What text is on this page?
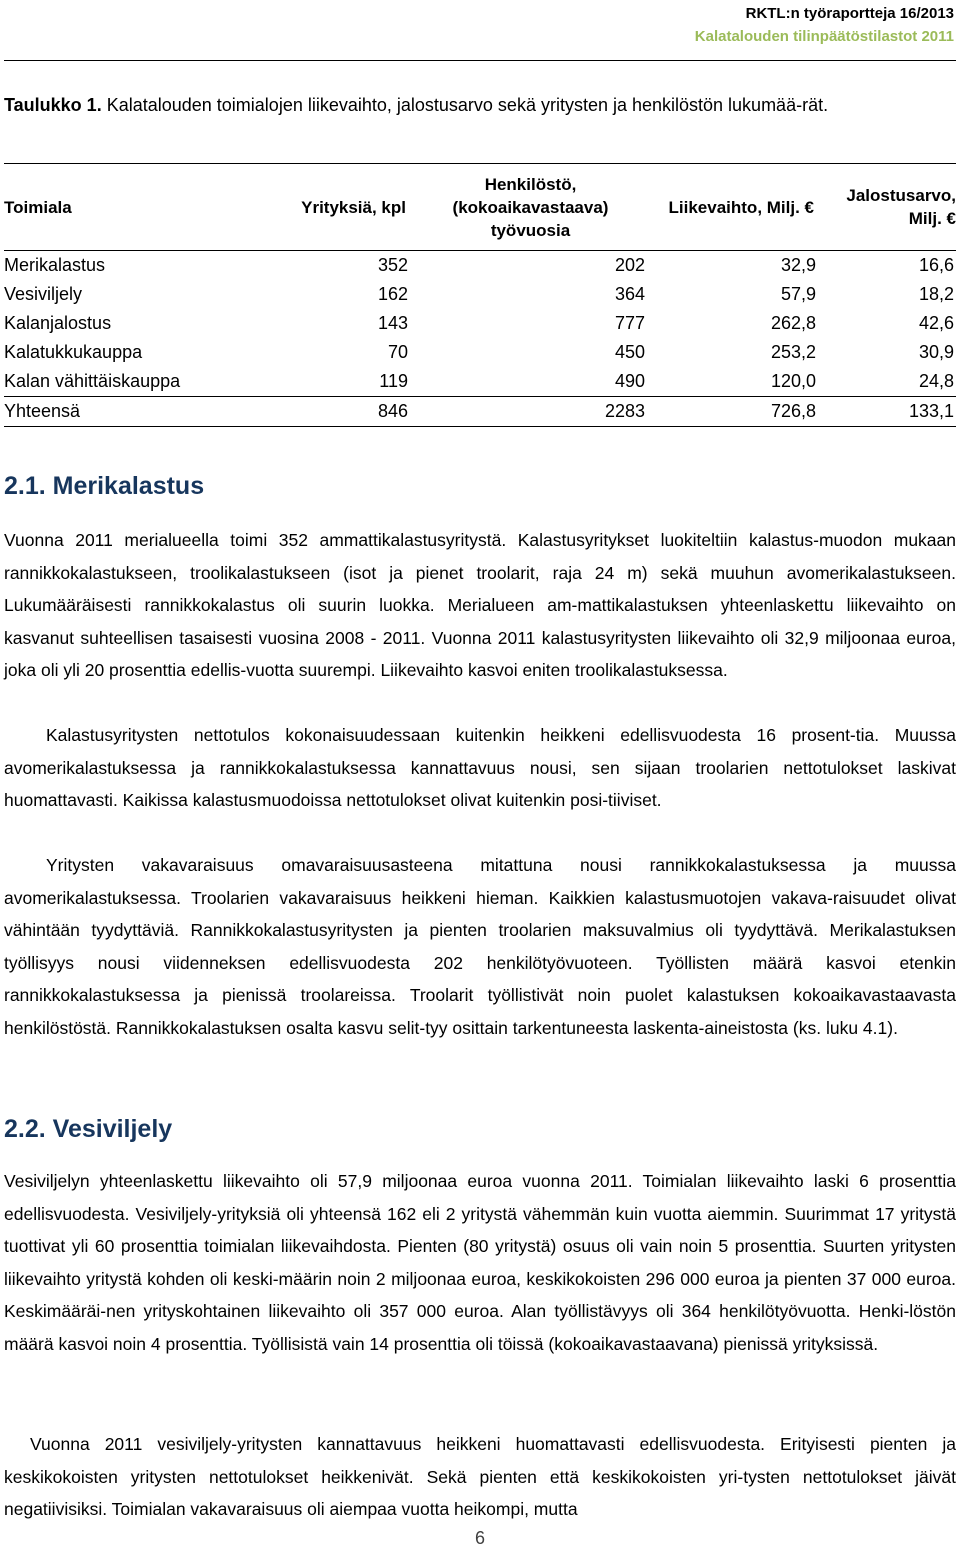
RKTL:n työraportteja 16/2013
Kalatalouden tilinpäätöstilastot 2011
Taulukko 1. Kalatalouden toimialojen liikevaihto, jalostusarvo sekä yritysten ja henkilöstön lukumää-rät.
Toimiala	Yrityksiä, kpl	Henkilöstö, (kokoaikavastaava) työvuosia	Liikevaihto, Milj. €	Jalostusarvo, Milj. €
Merikalastus	352	202	32,9	16,6
Vesiviljely	162	364	57,9	18,2
Kalanjalostus	143	777	262,8	42,6
Kalatukkukauppa	70	450	253,2	30,9
Kalan vähittäiskauppa	119	490	120,0	24,8
Yhteensä	846	2283	726,8	133,1
2.1. Merikalastus

Vuonna 2011 merialueella toimi 352 ammattikalastusyritystä. Kalastusyritykset luokiteltiin kalastus-muodon mukaan rannikkokalastukseen, troolikalastukseen (isot ja pienet troolarit, raja 24 m) sekä muuhun avomerikalastukseen. Lukumääräisesti rannikkokalastus oli suurin luokka. Merialueen am-mattikalastuksen yhteenlaskettu liikevaihto on kasvanut suhteellisen tasaisesti vuosina 2008 - 2011. Vuonna 2011 kalastusyritysten liikevaihto oli 32,9 miljoonaa euroa, joka oli yli 20 prosenttia edellis-vuotta suurempi. Liikevaihto kasvoi eniten troolikalastuksessa.

Kalastusyritysten nettotulos kokonaisuudessaan kuitenkin heikkeni edellisvuodesta 16 prosent-tia. Muussa avomerikalastuksessa ja rannikkokalastuksessa kannattavuus nousi, sen sijaan troolarien nettotulokset laskivat huomattavasti. Kaikissa kalastusmuodoissa nettotulokset olivat kuitenkin posi-tiiviset.

Yritysten vakavaraisuus omavaraisuusasteena mitattuna nousi rannikkokalastuksessa ja muussa avomerikalastuksessa. Troolarien vakavaraisuus heikkeni hieman. Kaikkien kalastusmuotojen vakava-raisuudet olivat vähintään tyydyttäviä. Rannikkokalastusyritysten ja pienten troolarien maksuvalmius oli tyydyttävä. Merikalastuksen työllisyys nousi viidenneksen edellisvuodesta 202 henkilötyövuoteen. Työllisten määrä kasvoi etenkin rannikkokalastuksessa ja pienissä troolareissa. Troolarit työllistivät noin puolet kalastuksen kokoaikavastaavasta henkilöstöstä. Rannikkokalastuksen osalta kasvu selit-tyy osittain tarkentuneesta laskenta-aineistosta (ks. luku 4.1).

2.2. Vesiviljely

Vesiviljelyn yhteenlaskettu liikevaihto oli 57,9 miljoonaa euroa vuonna 2011. Toimialan liikevaihto laski 6 prosenttia edellisvuodesta. Vesiviljely-yrityksiä oli yhteensä 162 eli 2 yritystä vähemmän kuin vuotta aiemmin. Suurimmat 17 yritystä tuottivat yli 60 prosenttia toimialan liikevaihdosta. Pienten (80 yritystä) osuus oli vain noin 5 prosenttia. Suurten yritysten liikevaihto yritystä kohden oli keski-määrin noin 2 miljoonaa euroa, keskikokoisten 296 000 euroa ja pienten 37 000 euroa. Keskimääräi-nen yrityskohtainen liikevaihto oli 357 000 euroa. Alan työllistävyys oli 364 henkilötyövuotta. Henki-löstön määrä kasvoi noin 4 prosenttia. Työllisistä vain 14 prosenttia oli töissä (kokoaikavastaavana) pienissä yrityksissä.

Vuonna 2011 vesiviljely-yritysten kannattavuus heikkeni huomattavasti edellisvuodesta. Erityisesti pienten ja keskikokoisten yritysten nettotulokset heikkenivät. Sekä pienten että keskikokoisten yri-tysten nettotulokset jäivät negatiivisiksi. Toimialan vakavaraisuus oli aiempaa vuotta heikompi, mutta

6
